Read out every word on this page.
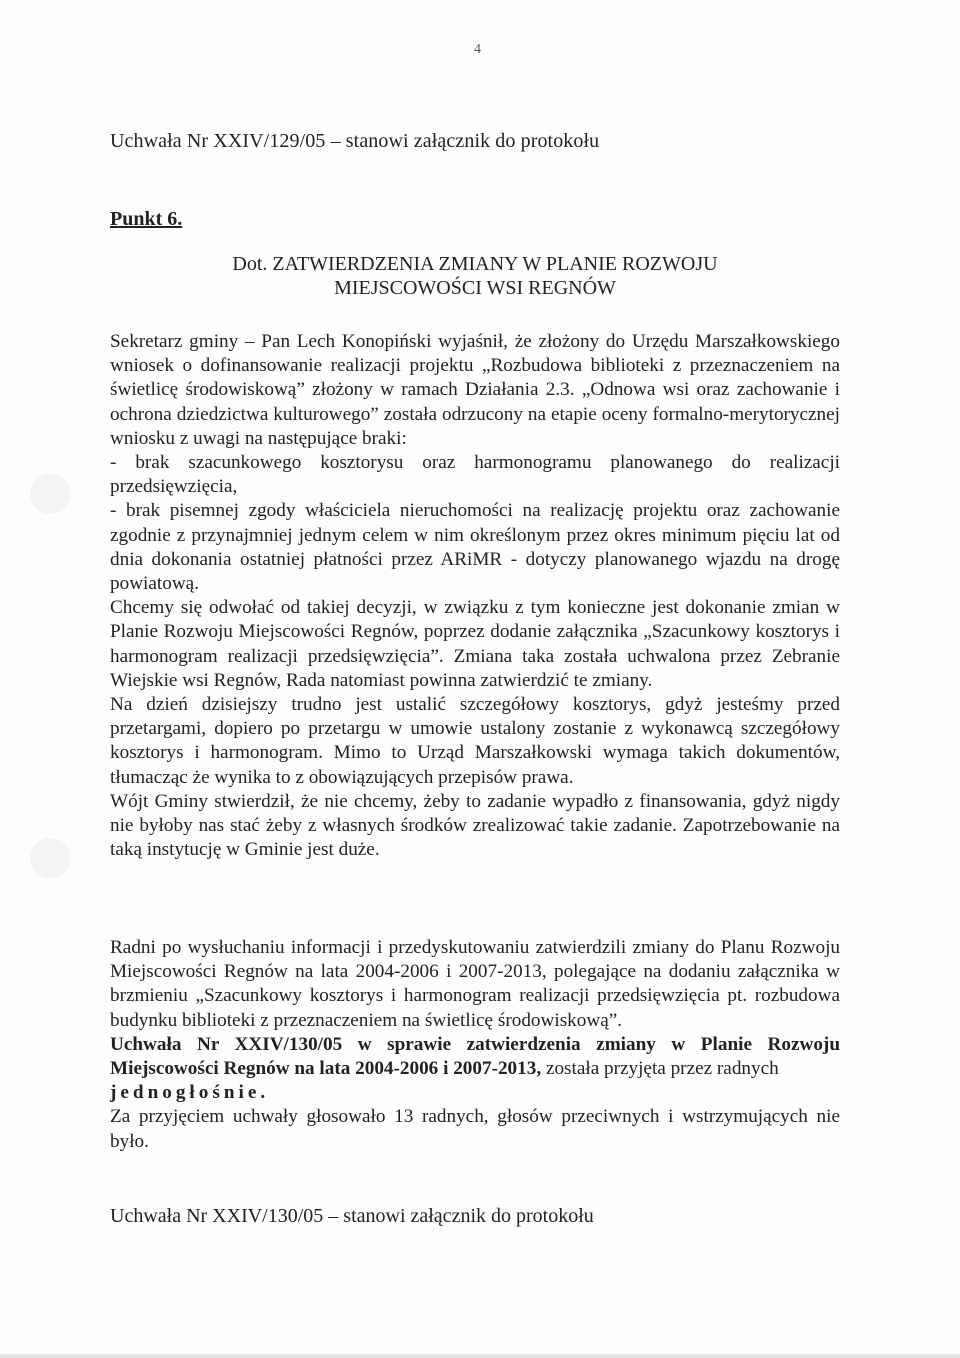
4
Uchwała Nr XXIV/129/05 – stanowi załącznik do protokołu
Punkt 6.
Dot. ZATWIERDZENIA ZMIANY W PLANIE ROZWOJU
MIEJSCOWOŚCI WSI REGNÓW

Sekretarz gminy – Pan Lech Konopiński wyjaśnił, że złożony do Urzędu Marszałkowskiego wniosek o dofinansowanie realizacji projektu „Rozbudowa biblioteki z przeznaczeniem na świetlicę środowiskową” złożony w ramach Działania 2.3. „Odnowa wsi oraz zachowanie i ochrona dziedzictwa kulturowego” została odrzucony na etapie oceny formalno-merytorycznej wniosku z uwagi na następujące braki:

- brak szacunkowego kosztorysu oraz harmonogramu planowanego do realizacji przedsięwzięcia,

- brak pisemnej zgody właściciela nieruchomości na realizację projektu oraz zachowanie zgodnie z przynajmniej jednym celem w nim określonym przez okres minimum pięciu lat od dnia dokonania ostatniej płatności przez ARiMR - dotyczy planowanego wjazdu na drogę powiatową.

Chcemy się odwołać od takiej decyzji, w związku z tym konieczne jest dokonanie zmian w Planie Rozwoju Miejscowości Regnów, poprzez dodanie załącznika „Szacunkowy kosztorys i harmonogram realizacji przedsięwzięcia”. Zmiana taka została uchwalona przez Zebranie Wiejskie wsi Regnów, Rada natomiast powinna zatwierdzić te zmiany.

Na dzień dzisiejszy trudno jest ustalić szczegółowy kosztorys, gdyż jesteśmy przed przetargami, dopiero po przetargu w umowie ustalony zostanie z wykonawcą szczegółowy kosztorys i harmonogram. Mimo to Urząd Marszałkowski wymaga takich dokumentów, tłumacząc że wynika to z obowiązujących przepisów prawa.

Wójt Gminy stwierdził, że nie chcemy, żeby to zadanie wypadło z finansowania, gdyż nigdy nie byłoby nas stać żeby z własnych środków zrealizować takie zadanie. Zapotrzebowanie na taką instytucję w Gminie jest duże.

Radni po wysłuchaniu informacji i przedyskutowaniu zatwierdzili zmiany do Planu Rozwoju Miejscowości Regnów na lata 2004-2006 i 2007-2013, polegające na dodaniu załącznika w brzmieniu „Szacunkowy kosztorys i harmonogram realizacji przedsięwzięcia pt. rozbudowa budynku biblioteki z przeznaczeniem na świetlicę środowiskową”.

Uchwała Nr XXIV/130/05 w sprawie zatwierdzenia zmiany w Planie Rozwoju Miejscowości Regnów na lata 2004-2006 i 2007-2013, została przyjęta przez radnych
jednogłośnie.

Za przyjęciem uchwały głosowało 13 radnych, głosów przeciwnych i wstrzymujących nie było.

Uchwała Nr XXIV/130/05 – stanowi załącznik do protokołu
